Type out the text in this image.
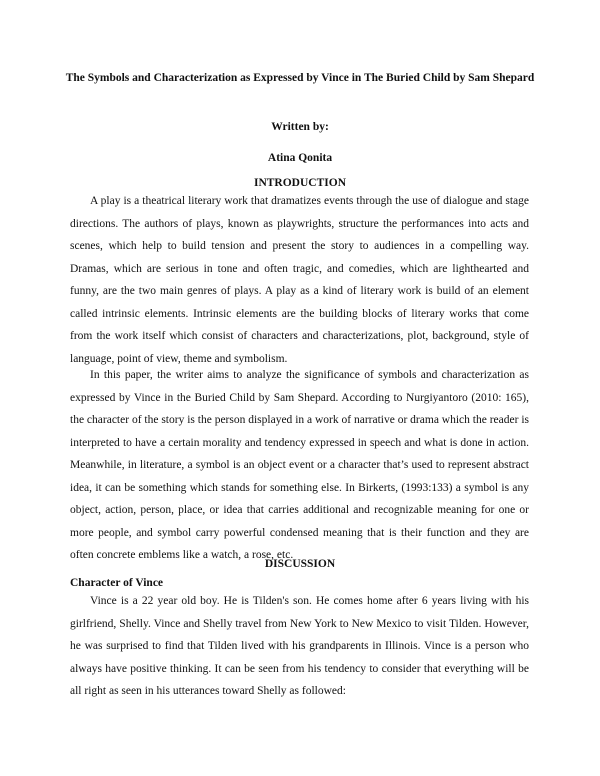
The Symbols and Characterization as Expressed by Vince in The Buried Child by Sam Shepard
Written by:
Atina Qonita
INTRODUCTION

A play is a theatrical literary work that dramatizes events through the use of dialogue and stage directions. The authors of plays, known as playwrights, structure the performances into acts and scenes, which help to build tension and present the story to audiences in a compelling way. Dramas, which are serious in tone and often tragic, and comedies, which are lighthearted and funny, are the two main genres of plays. A play as a kind of literary work is build of an element called intrinsic elements. Intrinsic elements are the building blocks of literary works that come from the work itself which consist of characters and characterizations, plot, background, style of language, point of view, theme and symbolism.

In this paper, the writer aims to analyze the significance of symbols and characterization as expressed by Vince in the Buried Child by Sam Shepard. According to Nurgiyantoro (2010: 165), the character of the story is the person displayed in a work of narrative or drama which the reader is interpreted to have a certain morality and tendency expressed in speech and what is done in action. Meanwhile, in literature, a symbol is an object event or a character that’s used to represent abstract idea, it can be something which stands for something else. In Birkerts, (1993:133) a symbol is any object, action, person, place, or idea that carries additional and recognizable meaning for one or more people, and symbol carry powerful condensed meaning that is their function and they are often concrete emblems like a watch, a rose, etc.

DISCUSSION
Character of Vince

Vince is a 22 year old boy. He is Tilden's son. He comes home after 6 years living with his girlfriend, Shelly. Vince and Shelly travel from New York to New Mexico to visit Tilden. However, he was surprised to find that Tilden lived with his grandparents in Illinois. Vince is a person who always have positive thinking. It can be seen from his tendency to consider that everything will be all right as seen in his utterances toward Shelly as followed:
